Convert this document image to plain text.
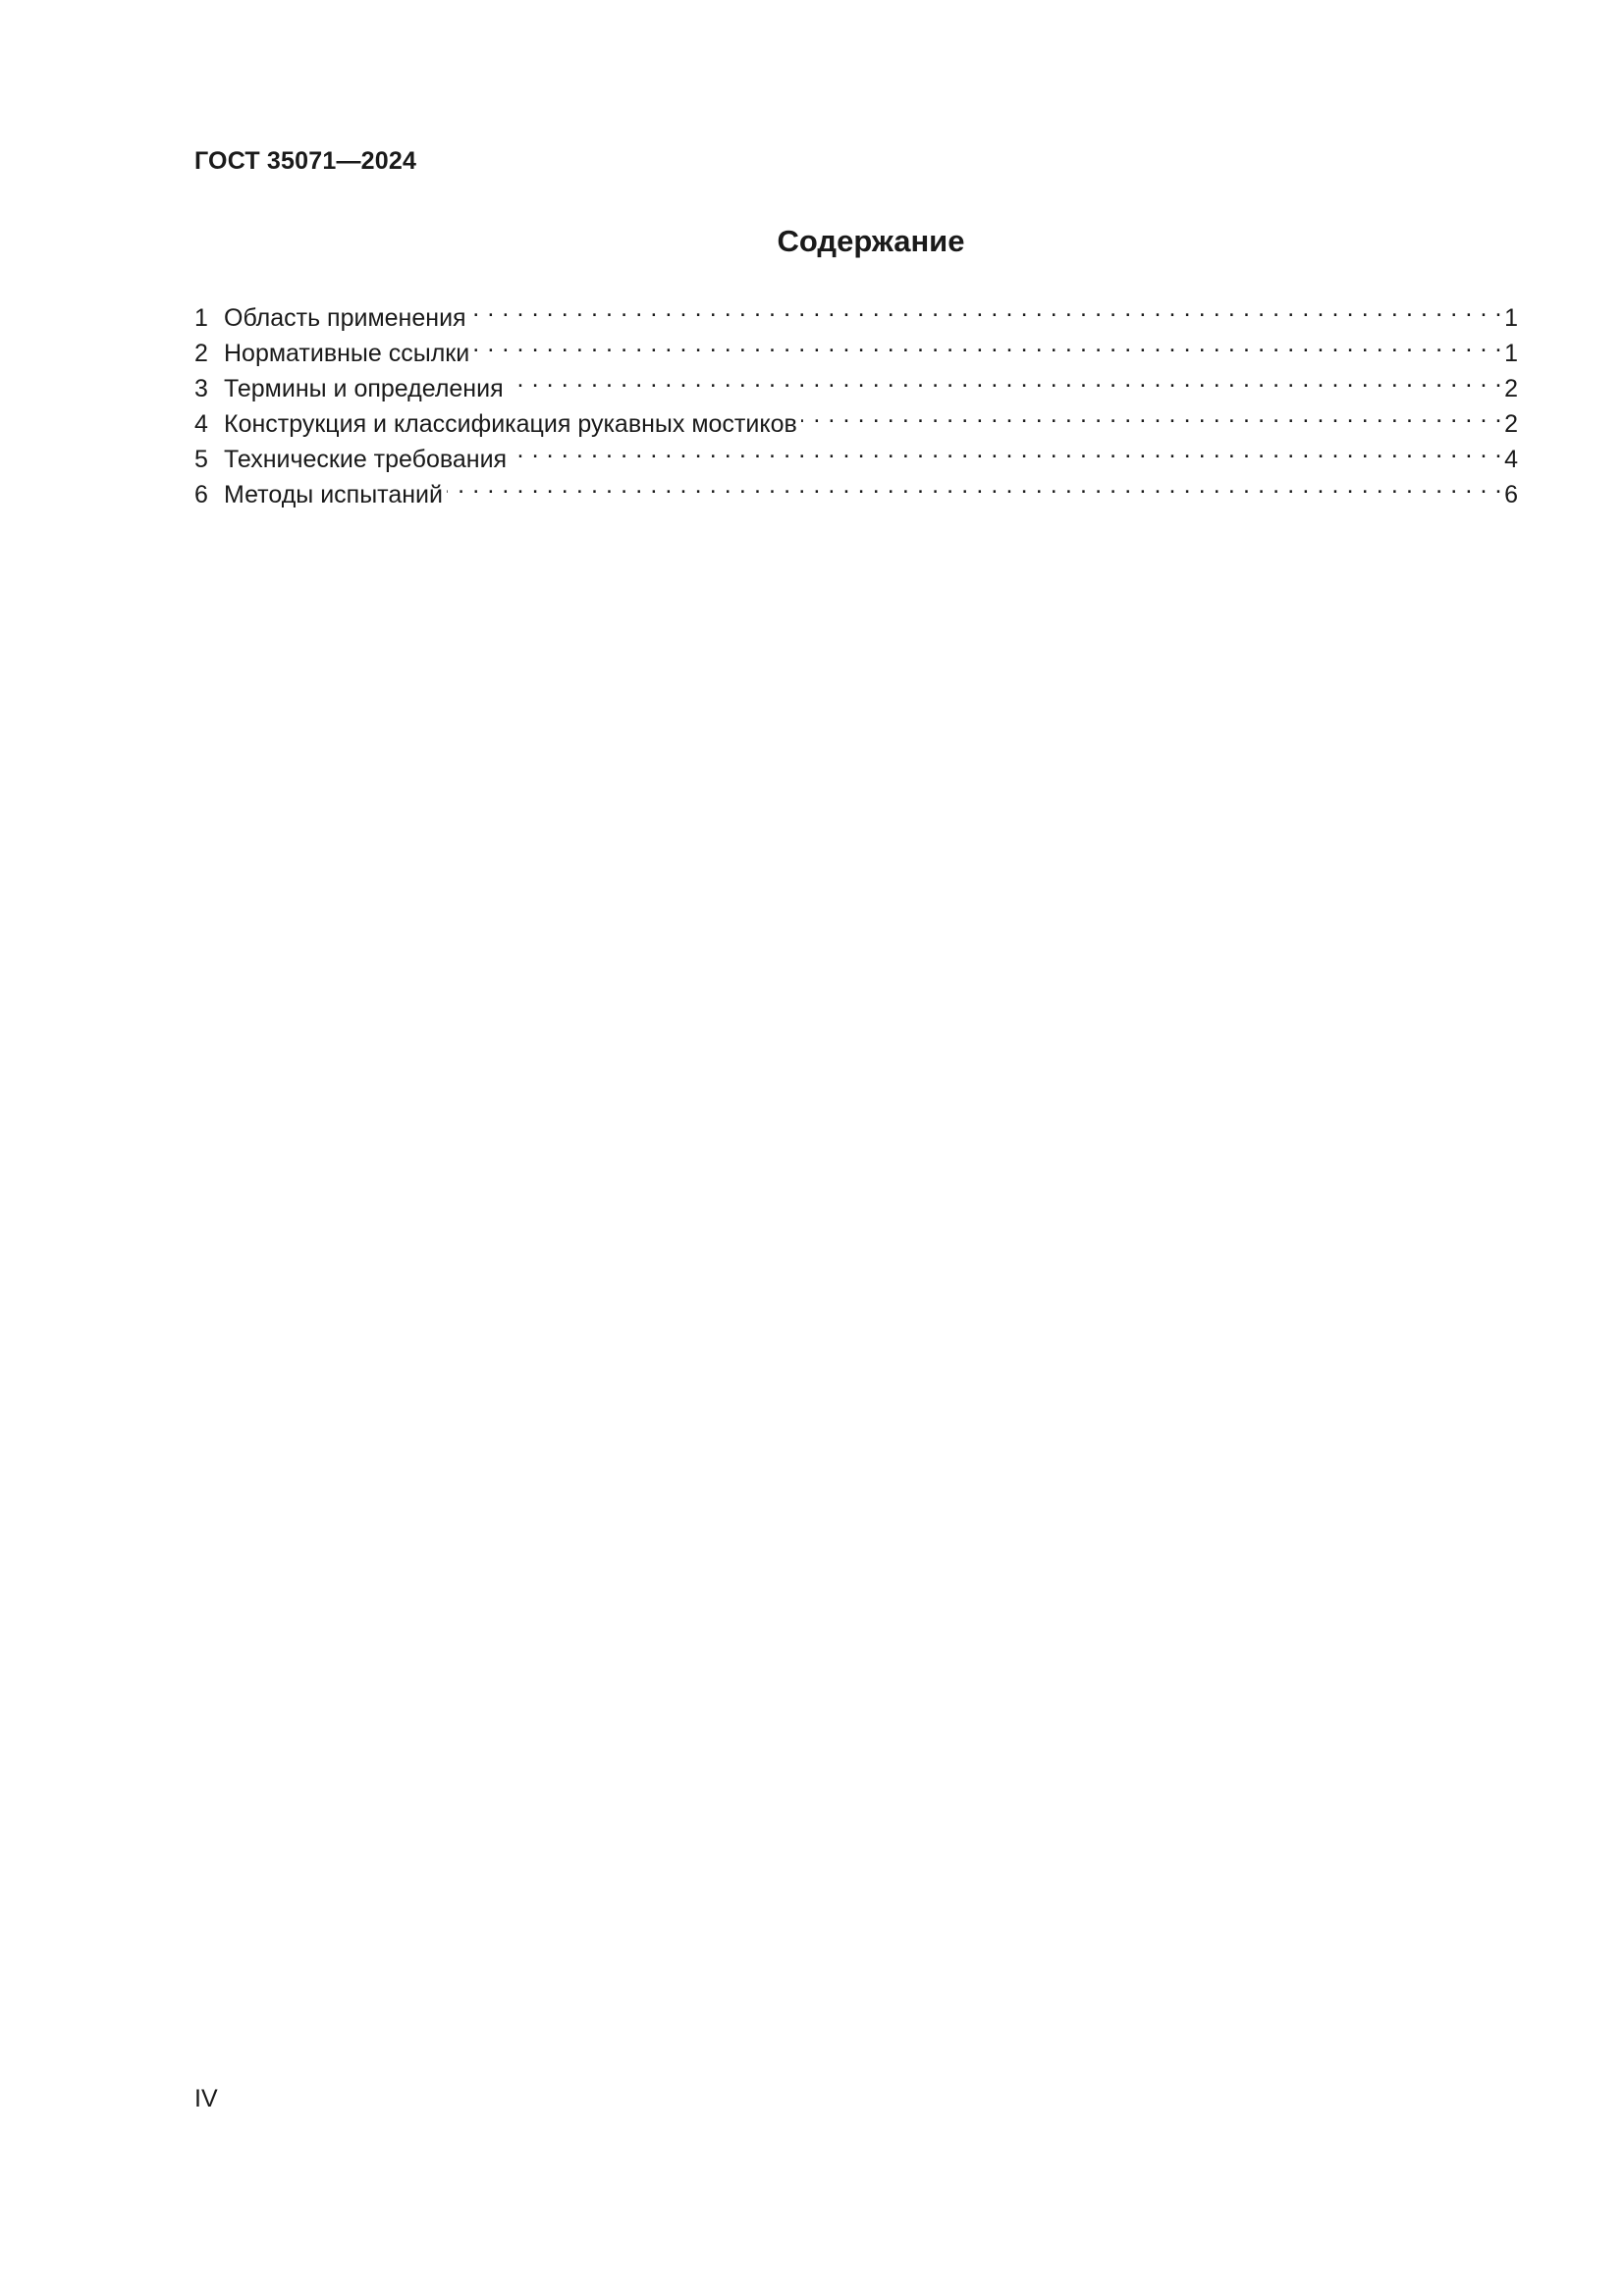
ГОСТ 35071—2024
Содержание
1 Область применения . . .	1
2 Нормативные ссылки . . .	1
3 Термины и определения . . .	2
4 Конструкция и классификация рукавных мостиков . . .	2
5 Технические требования . . .	4
6 Методы испытаний . . .	6
IV
